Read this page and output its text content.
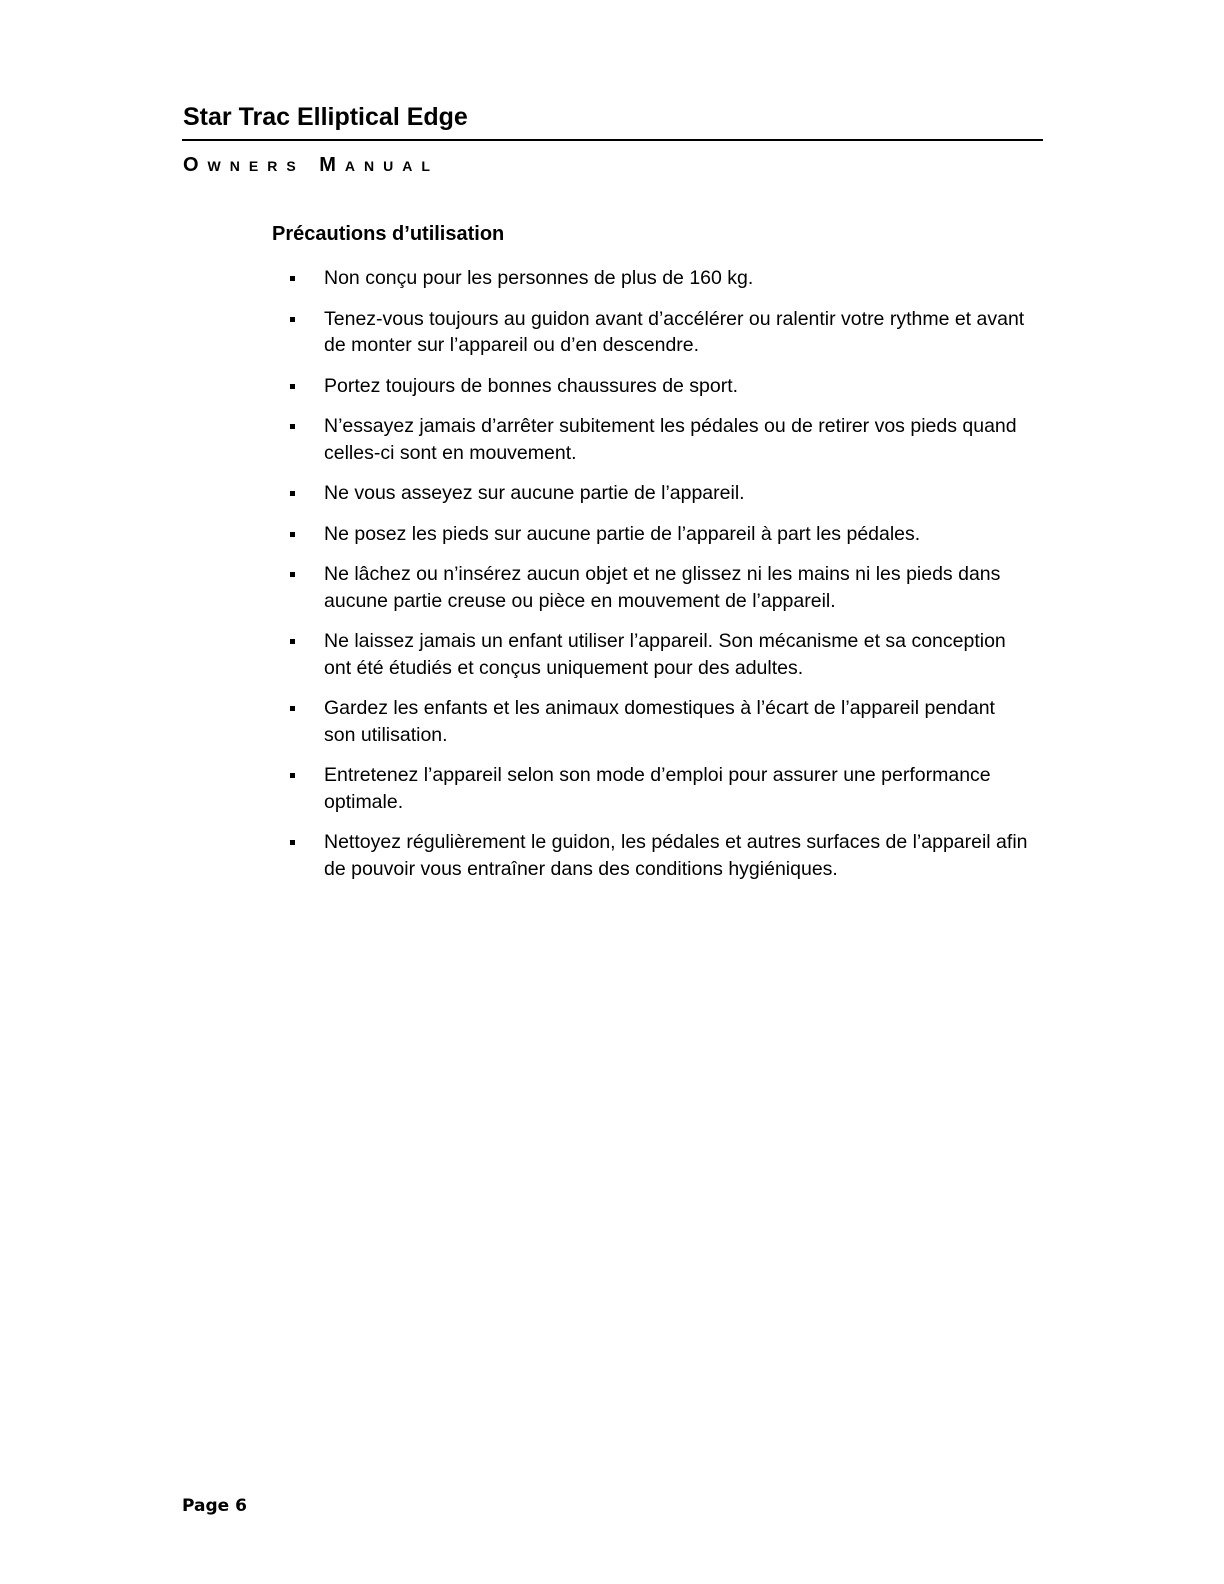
Star Trac Elliptical Edge
Owners Manual
Précautions d’utilisation
Non conçu pour les personnes de plus de 160 kg.
Tenez-vous toujours au guidon avant d’accélérer ou ralentir votre rythme et avant de monter sur l’appareil ou d’en descendre.
Portez toujours de bonnes chaussures de sport.
N’essayez jamais d’arrêter subitement les pédales ou de retirer vos pieds quand celles-ci sont en mouvement.
Ne vous asseyez sur aucune partie de l’appareil.
Ne posez les pieds sur aucune partie de l’appareil à part les pédales.
Ne lâchez ou n’insérez aucun objet et ne glissez ni les mains ni les pieds dans aucune partie creuse ou pièce en mouvement de l’appareil.
Ne laissez jamais un enfant utiliser l’appareil. Son mécanisme et sa conception ont été étudiés et conçus uniquement pour des adultes.
Gardez les enfants et les animaux domestiques à l’écart de l’appareil pendant son utilisation.
Entretenez l’appareil selon son mode d’emploi pour assurer une performance optimale.
Nettoyez régulièrement le guidon, les pédales et autres surfaces de l’appareil afin de pouvoir vous entraîner dans des conditions hygiéniques.
Page 6
